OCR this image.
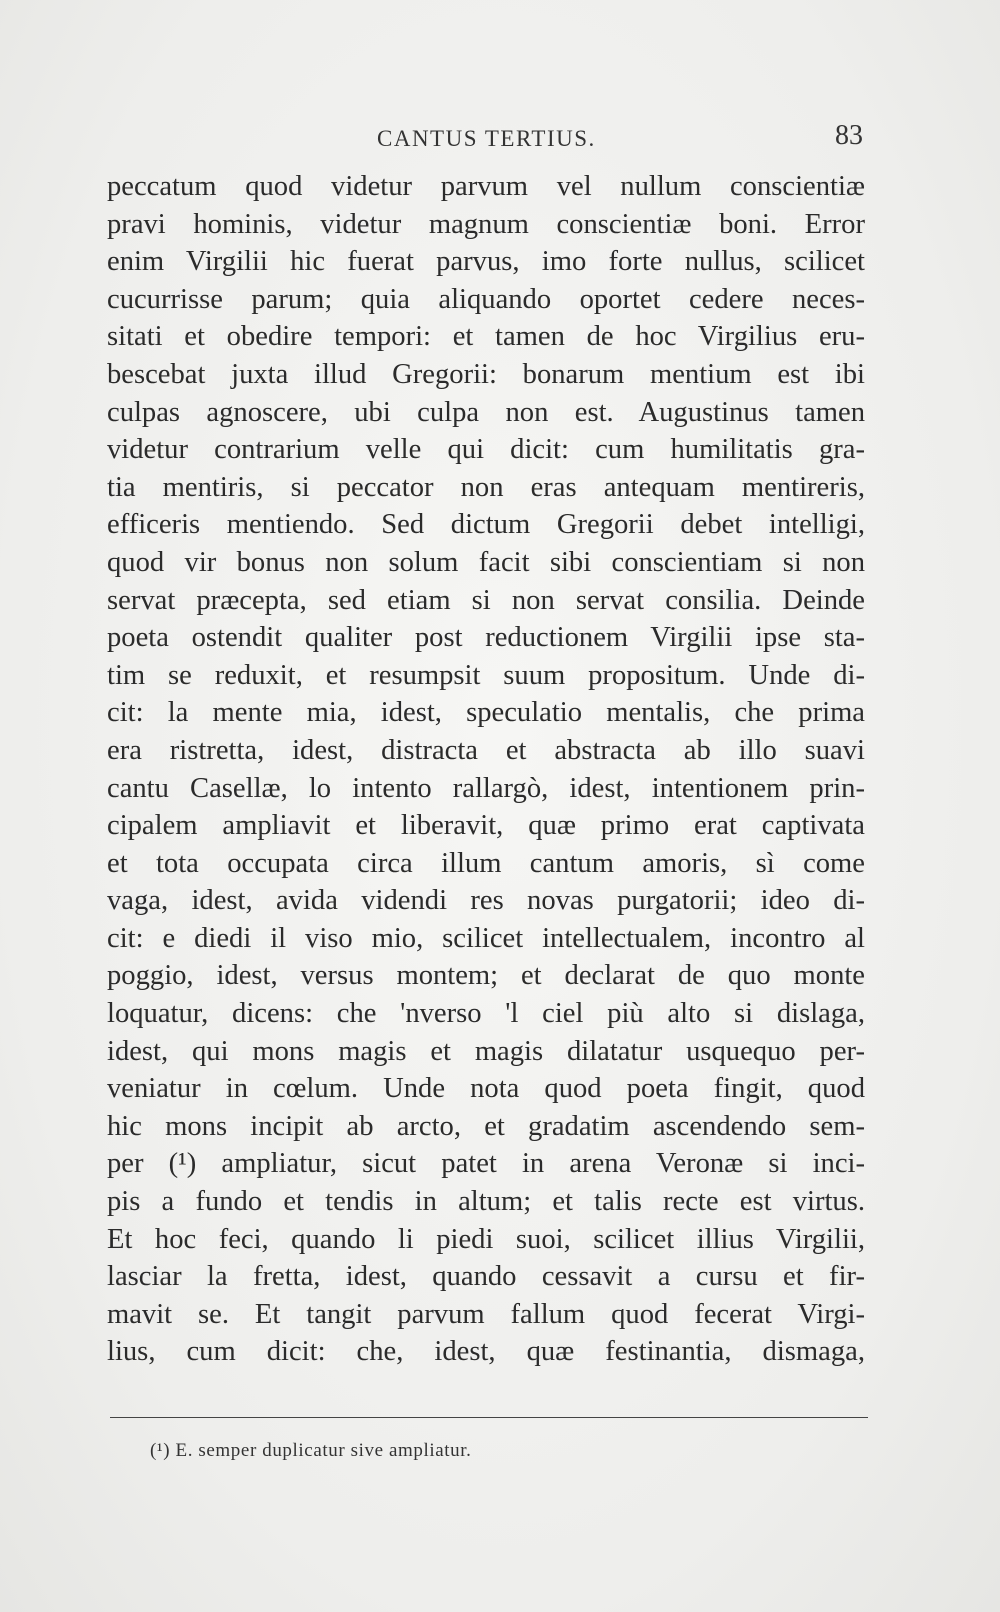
CANTUS TERTIUS.	83
peccatum quod videtur parvum vel nullum conscientiæ
pravi hominis, videtur magnum conscientiæ boni. Error
enim Virgilii hic fuerat parvus, imo forte nullus, scilicet
cucurrisse parum; quia aliquando oportet cedere neces-
sitati et obedire tempori: et tamen de hoc Virgilius eru-
bescebat juxta illud Gregorii: bonarum mentium est ibi
culpas agnoscere, ubi culpa non est. Augustinus tamen
videtur contrarium velle qui dicit: cum humilitatis gra-
tia mentiris, si peccator non eras antequam mentireris,
efficeris mentiendo. Sed dictum Gregorii debet intelligi,
quod vir bonus non solum facit sibi conscientiam si non
servat præcepta, sed etiam si non servat consilia. Deinde
poeta ostendit qualiter post reductionem Virgilii ipse sta-
tim se reduxit, et resumpsit suum propositum. Unde di-
cit: la mente mia, idest, speculatio mentalis, che prima
era ristretta, idest, distracta et abstracta ab illo suavi
cantu Casellæ, lo intento rallargò, idest, intentionem prin-
cipalem ampliavit et liberavit, quæ primo erat captivata
et tota occupata circa illum cantum amoris, sì come
vaga, idest, avida videndi res novas purgatorii; ideo di-
cit: e diedi il viso mio, scilicet intellectualem, incontro al
poggio, idest, versus montem; et declarat de quo monte
loquatur, dicens: che 'nverso 'l ciel più alto si dislaga,
idest, qui mons magis et magis dilatatur usquequo per-
veniatur in cœlum. Unde nota quod poeta fingit, quod
hic mons incipit ab arcto, et gradatim ascendendo sem-
per (¹) ampliatur, sicut patet in arena Veronæ si inci-
pis a fundo et tendis in altum; et talis recte est virtus.
Et hoc feci, quando li piedi suoi, scilicet illius Virgilii,
lasciar la fretta, idest, quando cessavit a cursu et fir-
mavit se. Et tangit parvum fallum quod fecerat Virgi-
lius, cum dicit: che, idest, quæ festinantia, dismaga,
(¹) E. semper duplicatur sive ampliatur.
